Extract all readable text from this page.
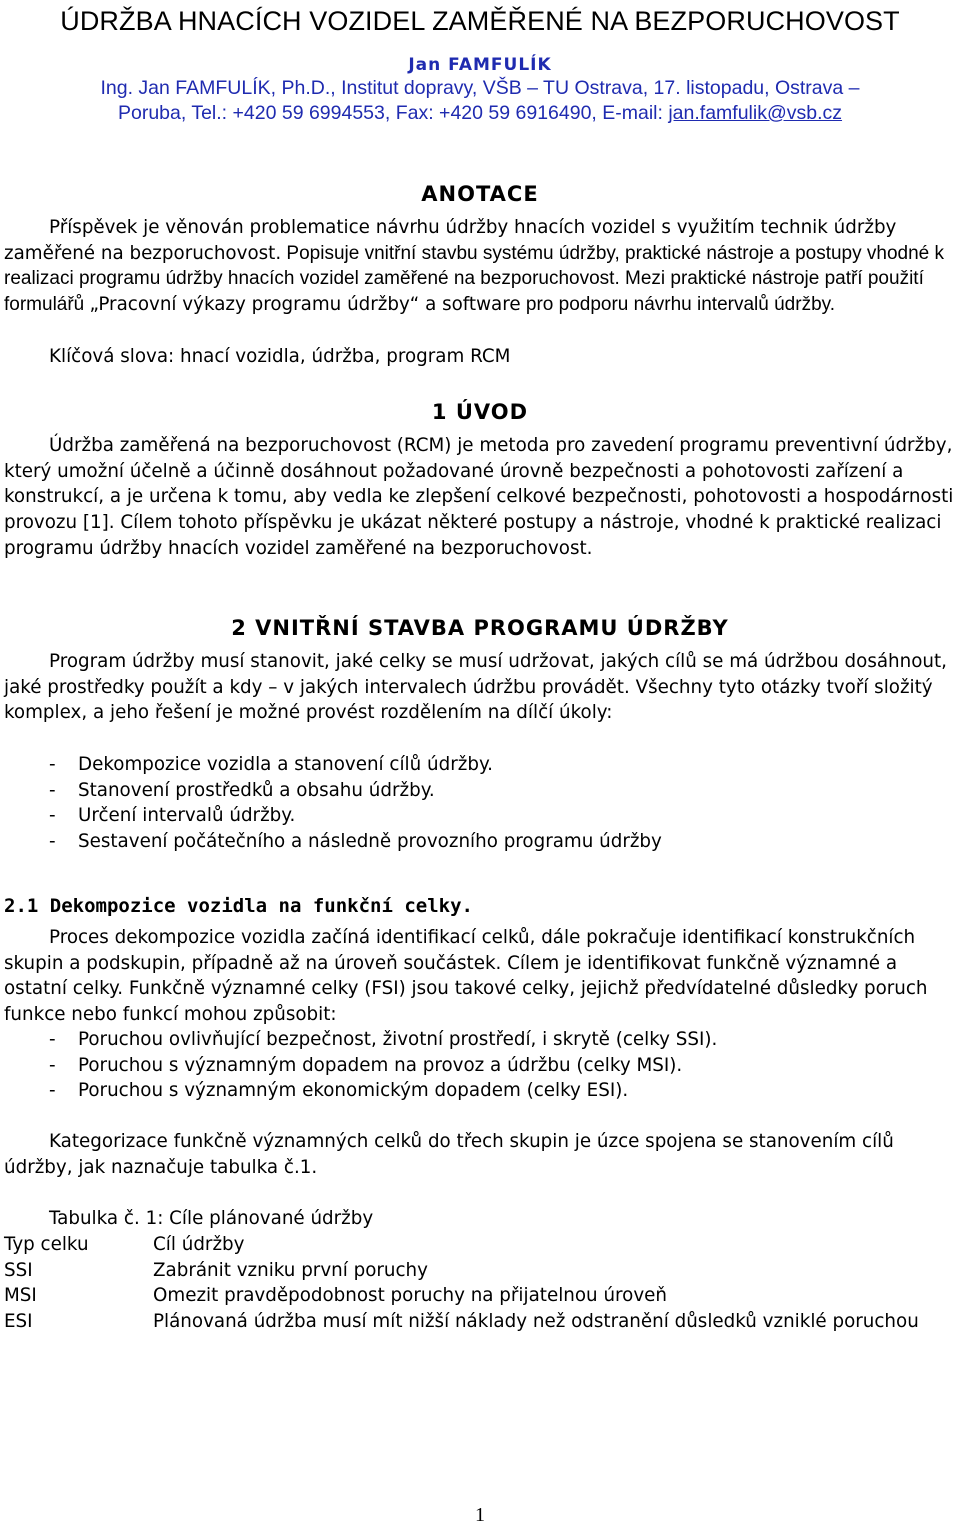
ÚDRŽBA HNACÍCH VOZIDEL ZAMĚŘENÉ NA BEZPORUCHOVOST
Jan FAMFULÍK
Ing. Jan FAMFULÍK, Ph.D., Institut dopravy, VŠB – TU Ostrava, 17. listopadu, Ostrava –
Poruba, Tel.: +420 59 6994553, Fax: +420 59 6916490, E-mail: jan.famfulik@vsb.cz
ANOTACE

Příspěvek je věnován problematice návrhu údržby hnacích vozidel s využitím technik údržby zaměřené na bezporuchovost. Popisuje vnitřní stavbu systému údržby, praktické nástroje a postupy vhodné k realizaci programu údržby hnacích vozidel zaměřené na bezporuchovost. Mezi praktické nástroje patří použití formulářů „Pracovní výkazy programu údržby“ a software pro podporu návrhu intervalů údržby.

Klíčová slova: hnací vozidla, údržba, program RCM

1 ÚVOD

Údržba zaměřená na bezporuchovost (RCM) je metoda pro zavedení programu preventivní údržby, který umožní účelně a účinně dosáhnout požadované úrovně bezpečnosti a pohotovosti zařízení a konstrukcí, a je určena k tomu, aby vedla ke zlepšení celkové bezpečnosti, pohotovosti a hospodárnosti provozu [1]. Cílem tohoto příspěvku je ukázat některé postupy a nástroje, vhodné k praktické realizaci programu údržby hnacích vozidel zaměřené na bezporuchovost.

2 VNITŘNÍ STAVBA PROGRAMU ÚDRŽBY

Program údržby musí stanovit, jaké celky se musí udržovat, jakých cílů se má údržbou dosáhnout, jaké prostředky použít a kdy – v jakých intervalech údržbu provádět. Všechny tyto otázky tvoří složitý komplex, a jeho řešení je možné provést rozdělením na dílčí úkoly:

-	Dekompozice vozidla a stanovení cílů údržby.
-	Stanovení prostředků a obsahu údržby.
-	Určení intervalů údržby.
-	Sestavení počátečního a následně provozního programu údržby
2.1 Dekompozice vozidla na funkční celky.

Proces dekompozice vozidla začíná identifikací celků, dále pokračuje identifikací konstrukčních skupin a podskupin, případně až na úroveň součástek. Cílem je identifikovat funkčně významné a ostatní celky. Funkčně významné celky (FSI) jsou takové celky, jejichž předvídatelné důsledky poruch funkce nebo funkcí mohou způsobit:

-	Poruchou ovlivňující bezpečnost, životní prostředí, i skrytě (celky SSI).
-	Poruchou s významným dopadem na provoz a údržbu (celky MSI).
-	Poruchou s významným ekonomickým dopadem (celky ESI).

Kategorizace funkčně významných celků do třech skupin je úzce spojena se stanovením cílů údržby, jak naznačuje tabulka č.1.

Tabulka č. 1: Cíle plánované údržby
Typ celku	Cíl údržby
SSI	Zabránit vzniku první poruchy
MSI	Omezit pravděpodobnost poruchy na přijatelnou úroveň
ESI	Plánovaná údržba musí mít nižší náklady než odstranění důsledků vzniklé poruchou
1
